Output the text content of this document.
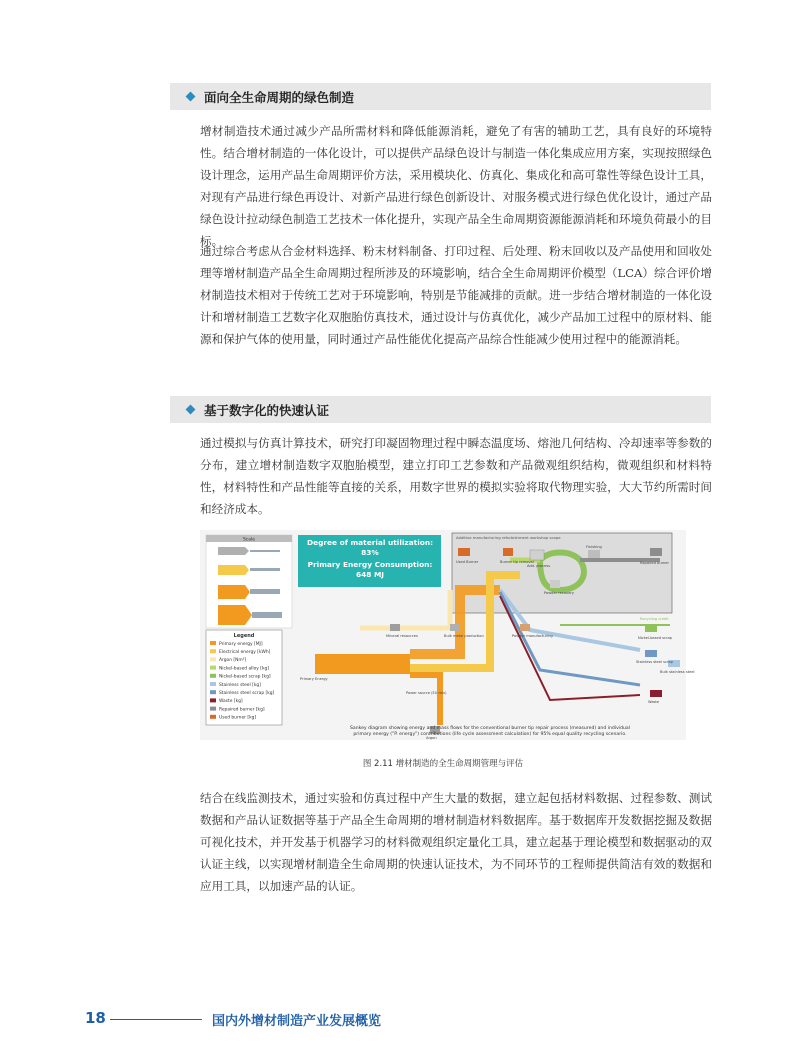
面向全生命周期的绿色制造

增材制造技术通过减少产品所需材料和降低能源消耗，避免了有害的辅助工艺，具有良好的环境特性。结合增材制造的一体化设计，可以提供产品绿色设计与制造一体化集成应用方案，实现按照绿色设计理念，运用产品生命周期评价方法，采用模块化、仿真化、集成化和高可靠性等绿色设计工具，对现有产品进行绿色再设计、对新产品进行绿色创新设计、对服务模式进行绿色优化设计，通过产品绿色设计拉动绿色制造工艺技术一体化提升，实现产品全生命周期资源能源消耗和环境负荷最小的目标。

通过综合考虑从合金材料选择、粉末材料制备、打印过程、后处理、粉末回收以及产品使用和回收处理等增材制造产品全生命周期过程所涉及的环境影响，结合全生命周期评价模型（LCA）综合评价增材制造技术相对于传统工艺对于环境影响，特别是节能减排的贡献。进一步结合增材制造的一体化设计和增材制造工艺数字化双胞胎仿真技术，通过设计与仿真优化，减少产品加工过程中的原材料、能源和保护气体的使用量，同时通过产品性能优化提高产品综合性能减少使用过程中的能源消耗。

基于数字化的快速认证

通过模拟与仿真计算技术，研究打印凝固物理过程中瞬态温度场、熔池几何结构、冷却速率等参数的分布，建立增材制造数字双胞胎模型，建立打印工艺参数和产品微观组织结构，微观组织和材料特性，材料特性和产品性能等直接的关系，用数字世界的模拟实验将取代物理实验，大大节约所需时间和经济成本。

Scale	Degree of material utilization:
83%
Primary Energy Consumption:
648 MJ
Additive manufacturing refurbishment workshop scope
Used Burner	Burner tip removal
Add. process
Finishing
Repaired burner
Powder recovery
Mineral resources	Bulk metal production	Powder manufacturing
Power source (EU mix)
Primary Energy
Argon
Nickel-based scrap
Stainless steel scrap
Bulk stainless steel
Waste
Recycling credit
Legend
Primary energy [MJ]
Electrical energy [kWh]
Argon [Nm³]
Nickel-based alloy [kg]
Nickel-based scrap [kg]
Stainless steel [kg]
Stainless steel scrap [kg]
Waste [kg]
Repaired burner [kg]
Used burner [kg]
Sankey diagram showing energy and mass flows for the conventional burner tip repair process (measured) and individual
primary energy ("P. energy") contributions (life cycle assessment calculation) for 95% equal quality recycling scenario.
图 2.11 增材制造的全生命周期管理与评估

结合在线监测技术，通过实验和仿真过程中产生大量的数据，建立起包括材料数据、过程参数、测试数据和产品认证数据等基于产品全生命周期的增材制造材料数据库。基于数据库开发数据挖掘及数据可视化技术，并开发基于机器学习的材料微观组织定量化工具，建立起基于理论模型和数据驱动的双认证主线，以实现增材制造全生命周期的快速认证技术，为不同环节的工程师提供简洁有效的数据和应用工具，以加速产品的认证。

18	国内外增材制造产业发展概览
